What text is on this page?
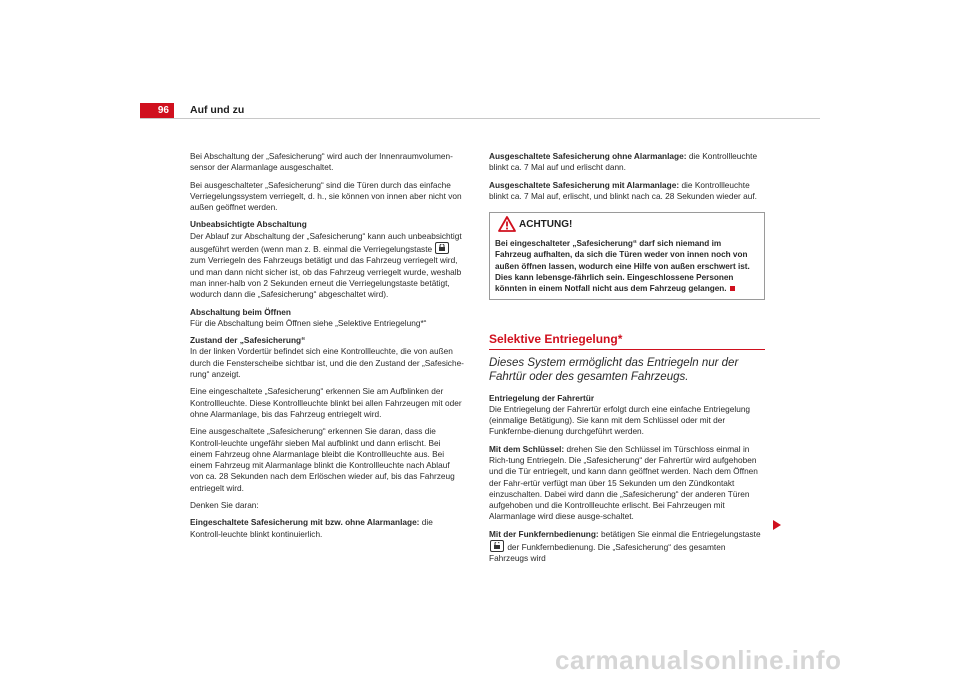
96	Auf und zu

Bei Abschaltung der „Safesicherung“ wird auch der Innenraumvolumen-sensor der Alarmanlage ausgeschaltet.

Bei ausgeschalteter „Safesicherung“ sind die Türen durch das einfache Verriegelungssystem verriegelt, d. h., sie können von innen aber nicht von außen geöffnet werden.

Unbeabsichtigte Abschaltung

Der Ablauf zur Abschaltung der „Safesicherung“ kann auch unbeabsichtigt ausgeführt werden (wenn man z. B. einmal die Verriegelungstaste
zum Verriegeln des Fahrzeugs betätigt und das Fahrzeug verriegelt wird, und man dann nicht sicher ist, ob das Fahrzeug verriegelt wurde, weshalb man inner-halb von 2 Sekunden erneut die Verriegelungstaste betätigt, wodurch dann die „Safesicherung“ abgeschaltet wird).

Abschaltung beim Öffnen

Für die Abschaltung beim Öffnen siehe „Selektive Entriegelung*“

Zustand der „Safesicherung“

In der linken Vordertür befindet sich eine Kontrollleuchte, die von außen durch die Fensterscheibe sichtbar ist, und die den Zustand der „Safesiche-rung“ anzeigt.

Eine eingeschaltete „Safesicherung“ erkennen Sie am Aufblinken der Kontrollleuchte. Diese Kontrollleuchte blinkt bei allen Fahrzeugen mit oder ohne Alarmanlage, bis das Fahrzeug entriegelt wird.

Eine ausgeschaltete „Safesicherung“ erkennen Sie daran, dass die Kontroll-leuchte ungefähr sieben Mal aufblinkt und dann erlischt. Bei einem Fahrzeug ohne Alarmanlage bleibt die Kontrollleuchte aus. Bei einem Fahrzeug mit Alarmanlage blinkt die Kontrollleuchte nach Ablauf von ca. 28 Sekunden nach dem Erlöschen wieder auf, bis das Fahrzeug entriegelt wird.

Denken Sie daran:

Eingeschaltete Safesicherung mit bzw. ohne Alarmanlage: die Kontroll-leuchte blinkt kontinuierlich.

Ausgeschaltete Safesicherung ohne Alarmanlage: die Kontrollleuchte blinkt ca. 7 Mal auf und erlischt dann.

Ausgeschaltete Safesicherung mit Alarmanlage: die Kontrollleuchte blinkt ca. 7 Mal auf, erlischt, und blinkt nach ca. 28 Sekunden wieder auf.

ACHTUNG!
Bei eingeschalteter „Safesicherung“ darf sich niemand im Fahrzeug aufhalten, da sich die Türen weder von innen noch von außen öffnen lassen, wodurch eine Hilfe von außen erschwert ist. Dies kann lebensge-fährlich sein. Eingeschlossene Personen könnten in einem Notfall nicht aus dem Fahrzeug gelangen.
Selektive Entriegelung*
Dieses System ermöglicht das Entriegeln nur der Fahrtür oder des gesamten Fahrzeugs.

Entriegelung der Fahrertür

Die Entriegelung der Fahrertür erfolgt durch eine einfache Entriegelung (einmalige Betätigung). Sie kann mit dem Schlüssel oder mit der Funkfernbe-dienung durchgeführt werden.

Mit dem Schlüssel: drehen Sie den Schlüssel im Türschloss einmal in Rich-tung Entriegeln. Die „Safesicherung“ der Fahrertür wird aufgehoben und die Tür entriegelt, und kann dann geöffnet werden. Nach dem Öffnen der Fahr-ertür verfügt man über 15 Sekunden um den Zündkontakt einzuschalten. Dabei wird dann die „Safesicherung“ der anderen Türen aufgehoben und die Kontrollleuchte erlischt. Bei Fahrzeugen mit Alarmanlage wird diese ausge-schaltet.

Mit der Funkfernbedienung: betätigen Sie einmal die Entriegelungstaste
der Funkfernbedienung. Die „Safesicherung“ des gesamten Fahrzeugs wird

carmanualsonline.info
